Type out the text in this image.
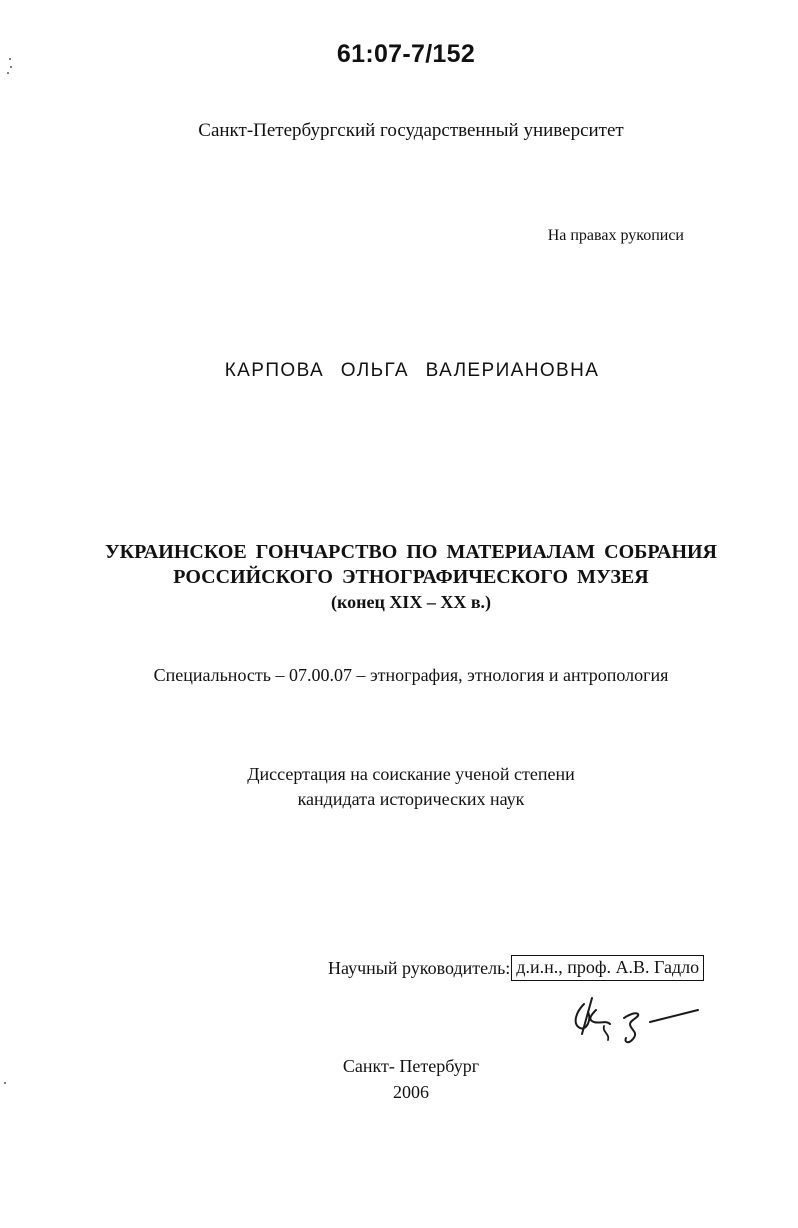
61:07-7/152
Санкт-Петербургский государственный университет
На правах рукописи
КАРПОВА ОЛЬГА ВАЛЕРИАНОВНА
УКРАИНСКОЕ ГОНЧАРСТВО ПО МАТЕРИАЛАМ СОБРАНИЯ
РОССИЙСКОГО ЭТНОГРАФИЧЕСКОГО МУЗЕЯ
(конец XIX – XX в.)
Специальность – 07.00.07 – этнография, этнология и антропология
Диссертация на соискание ученой степени
кандидата исторических наук
Научный руководитель: д.и.н., проф. А.В. Гадло
Санкт- Петербург
2006
